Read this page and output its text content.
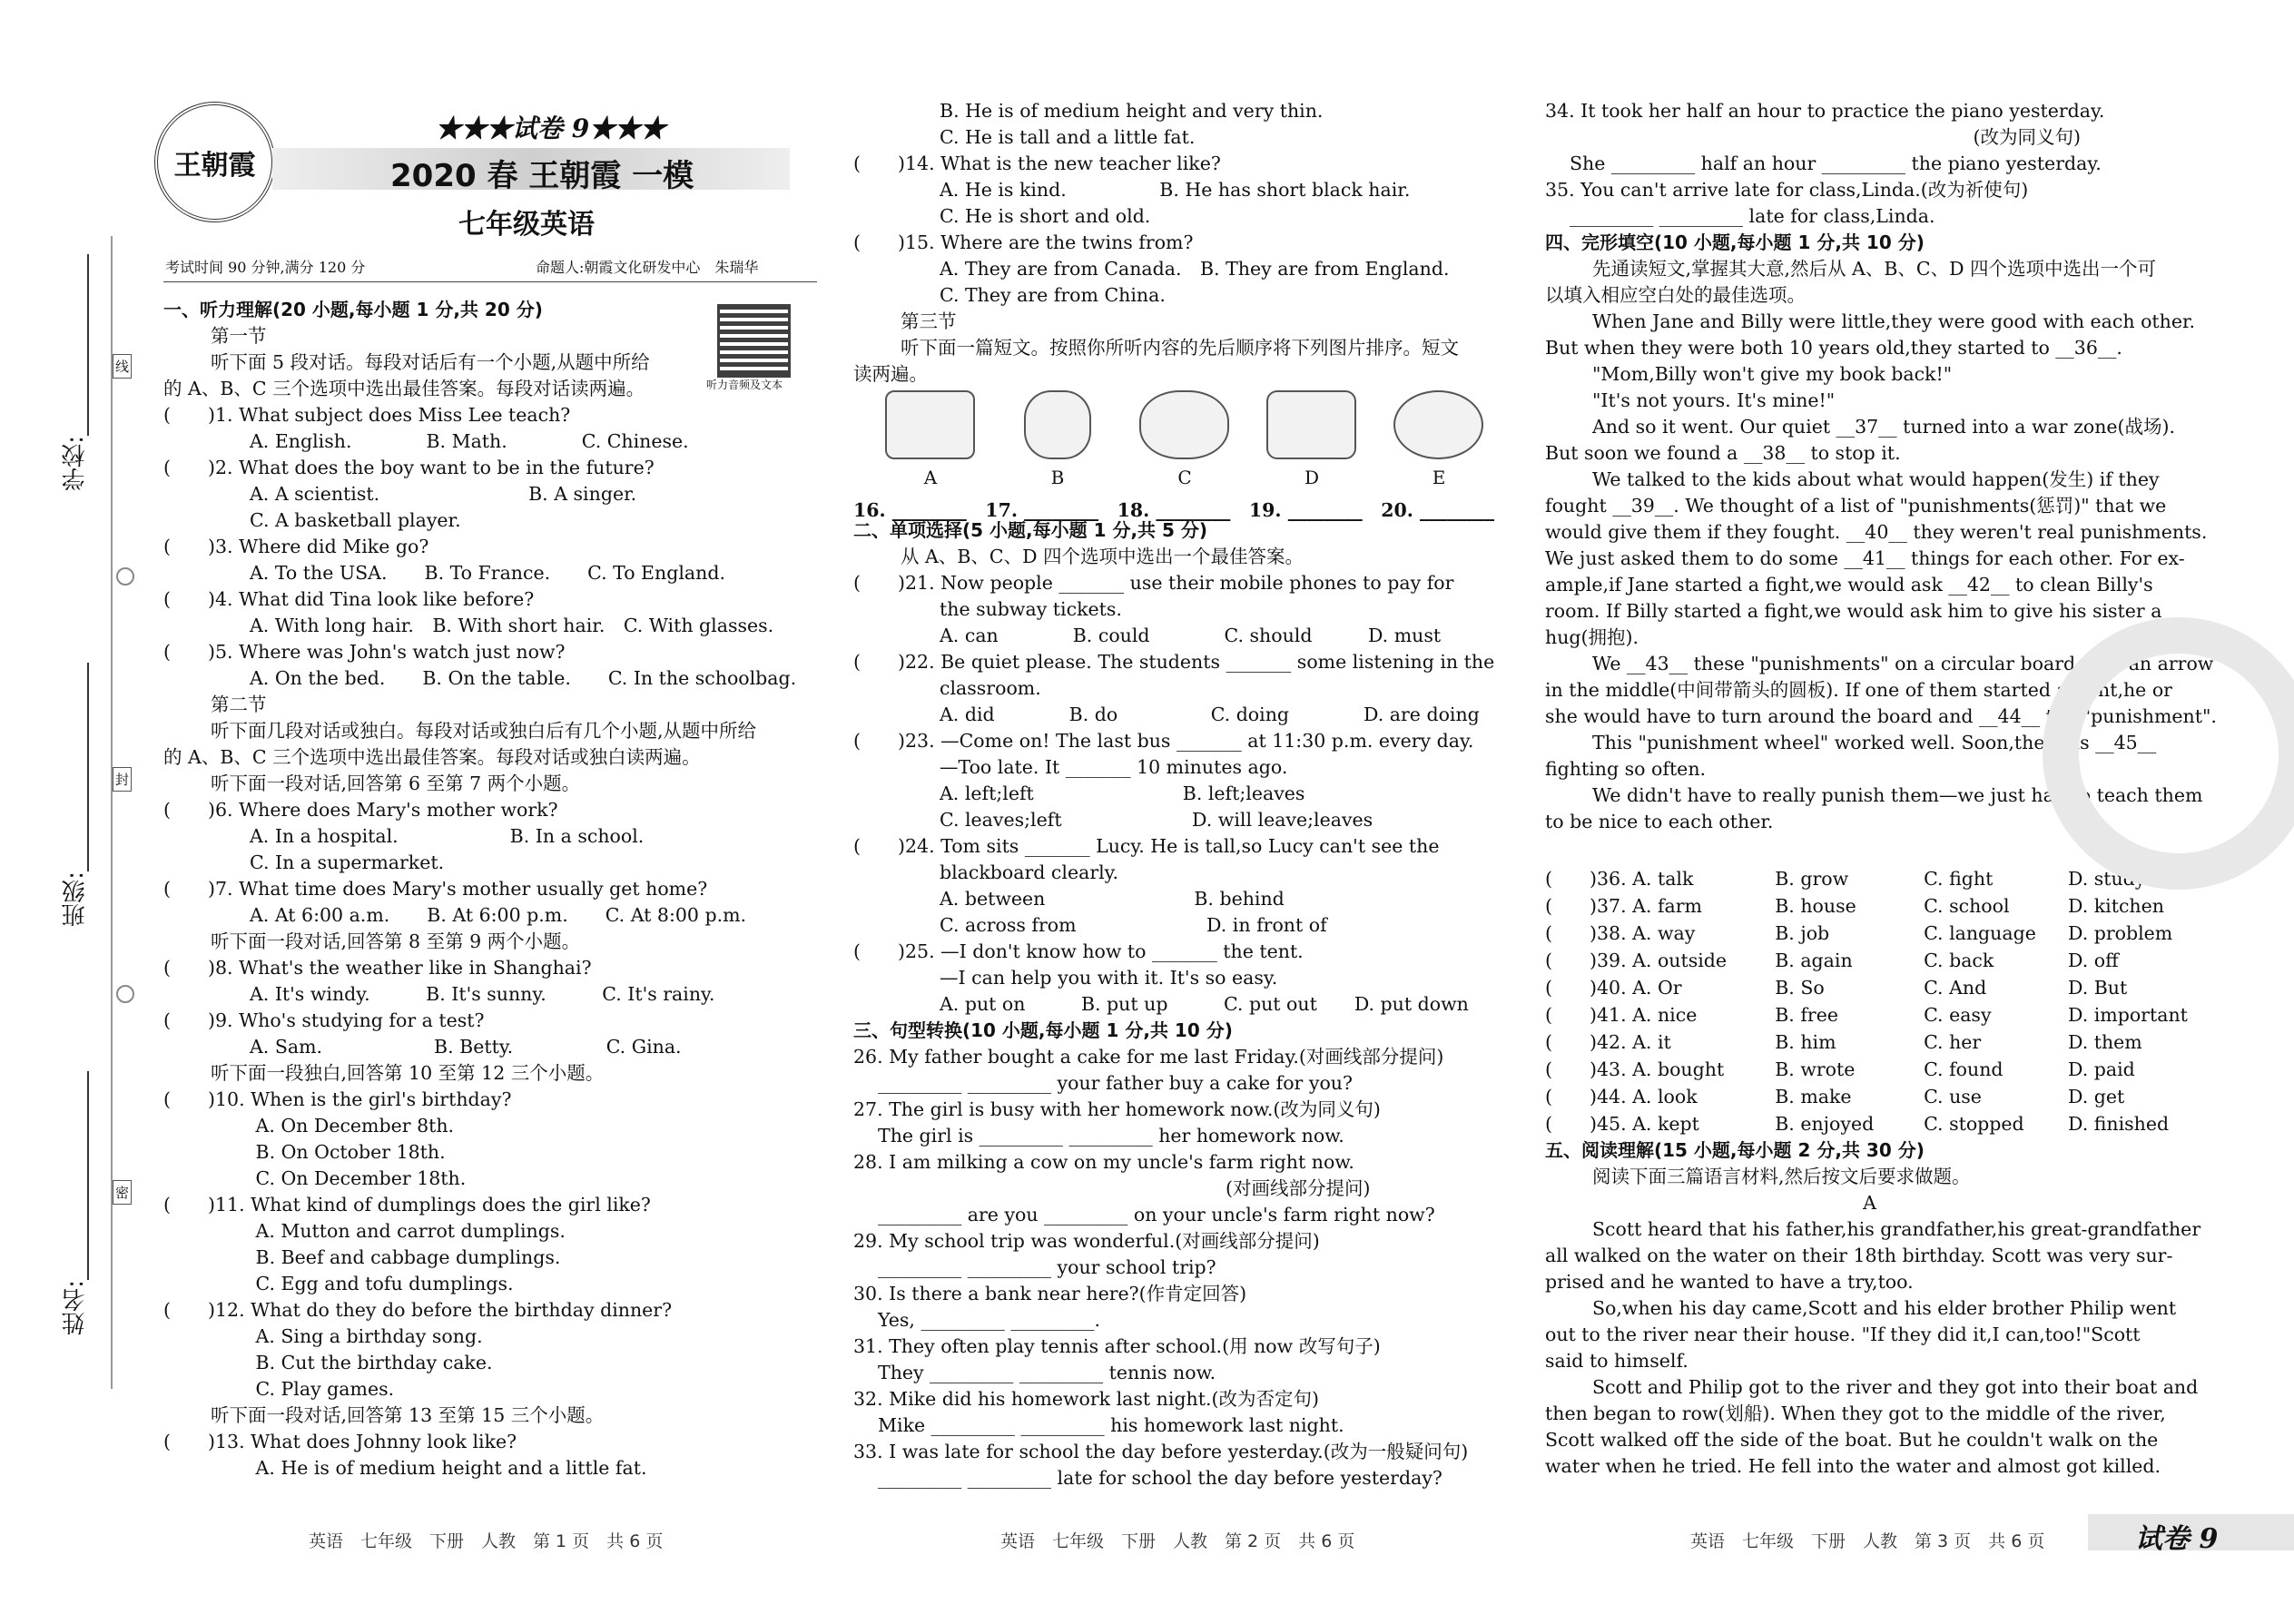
学校:
班级:
姓名:
线
封
密
王朝霞
★★★试卷 9★★★
2020 春 王朝霞 一模
七年级英语
考试时间 90 分钟,满分 120 分	命题人:朝霞文化研发中心　朱瑞华
听力音频及文本
一、听力理解(20 小题,每小题 1 分,共 20 分)
第一节
听下面 5 段对话。每段对话后有一个小题,从题中所给
的 A、B、C 三个选项中选出最佳答案。每段对话读两遍。
(　　)1. What subject does Miss Lee teach?
A. English.　　　　B. Math.　　　　C. Chinese.
(　　)2. What does the boy want to be in the future?
A. A scientist.　　　　　　　　B. A singer.
C. A basketball player.
(　　)3. Where did Mike go?
A. To the USA.　　B. To France.　　C. To England.
(　　)4. What did Tina look like before?
A. With long hair.　B. With short hair.　C. With glasses.
(　　)5. Where was John's watch just now?
A. On the bed.　　B. On the table.　　C. In the schoolbag.
第二节
听下面几段对话或独白。每段对话或独白后有几个小题,从题中所给
的 A、B、C 三个选项中选出最佳答案。每段对话或独白读两遍。
听下面一段对话,回答第 6 至第 7 两个小题。
(　　)6. Where does Mary's mother work?
A. In a hospital.　　　　　　B. In a school.
C. In a supermarket.
(　　)7. What time does Mary's mother usually get home?
A. At 6:00 a.m.　　B. At 6:00 p.m.　　C. At 8:00 p.m.
听下面一段对话,回答第 8 至第 9 两个小题。
(　　)8. What's the weather like in Shanghai?
A. It's windy.　　　B. It's sunny.　　　C. It's rainy.
(　　)9. Who's studying for a test?
A. Sam.　　　　　　B. Betty.　　　　　C. Gina.
听下面一段独白,回答第 10 至第 12 三个小题。
(　　)10. When is the girl's birthday?
A. On December 8th.
B. On October 18th.
C. On December 18th.
(　　)11. What kind of dumplings does the girl like?
A. Mutton and carrot dumplings.
B. Beef and cabbage dumplings.
C. Egg and tofu dumplings.
(　　)12. What do they do before the birthday dinner?
A. Sing a birthday song.
B. Cut the birthday cake.
C. Play games.
听下面一段对话,回答第 13 至第 15 三个小题。
(　　)13. What does Johnny look like?
A. He is of medium height and a little fat.
B. He is of medium height and very thin.
C. He is tall and a little fat.
(　　)14. What is the new teacher like?
A. He is kind.　　　　　B. He has short black hair.
C. He is short and old.
(　　)15. Where are the twins from?
A. They are from Canada.　B. They are from England.
C. They are from China.
第三节
听下面一篇短文。按照你所听内容的先后顺序将下列图片排序。短文
读两遍。
A	B	C	D	E
16. ________　17. ________　18. ________　19. ________　20. ________
二、单项选择(5 小题,每小题 1 分,共 5 分)
从 A、B、C、D 四个选项中选出一个最佳答案。
(　　)21. Now people _______ use their mobile phones to pay for
the subway tickets.
A. can　　　　B. could　　　　C. should　　　D. must
(　　)22. Be quiet please. The students _______ some listening in the
classroom.
A. did　　　　B. do　　　　　C. doing　　　　D. are doing
(　　)23. —Come on! The last bus _______ at 11:30 p.m. every day.
—Too late. It _______ 10 minutes ago.
A. left;left　　　　　　　　B. left;leaves
C. leaves;left　　　　　　　D. will leave;leaves
(　　)24. Tom sits _______ Lucy. He is tall,so Lucy can't see the
blackboard clearly.
A. between　　　　　　　　B. behind
C. across from　　　　　　　D. in front of
(　　)25. —I don't know how to _______ the tent.
—I can help you with it. It's so easy.
A. put on　　　B. put up　　　C. put out　　D. put down
三、句型转换(10 小题,每小题 1 分,共 10 分)
26. My father bought a cake for me last Friday.(对画线部分提问)
　 _________ _________ your father buy a cake for you?
27. The girl is busy with her homework now.(改为同义句)
　 The girl is _________ _________ her homework now.
28. I am milking a cow on my uncle's farm right now.
　　　　　　　　　　　　　　　　　　　　(对画线部分提问)
　 _________ are you _________ on your uncle's farm right now?
29. My school trip was wonderful.(对画线部分提问)
　 _________ _________ your school trip?
30. Is there a bank near here?(作肯定回答)
　 Yes, _________ _________.
31. They often play tennis after school.(用 now 改写句子)
　 They _________ _________ tennis now.
32. Mike did his homework last night.(改为否定句)
　 Mike _________ _________ his homework last night.
33. I was late for school the day before yesterday.(改为一般疑问句)
　 _________ _________ late for school the day before yesterday?
34. It took her half an hour to practice the piano yesterday.
　　　　　　　　　　　　　　　　　　　　　　　(改为同义句)
　 She _________ half an hour _________ the piano yesterday.
35. You can't arrive late for class,Linda.(改为祈使句)
　 _________ _________ late for class,Linda.
四、完形填空(10 小题,每小题 1 分,共 10 分)
先通读短文,掌握其大意,然后从 A、B、C、D 四个选项中选出一个可
以填入相应空白处的最佳选项。
When Jane and Billy were little,they were good with each other.
But when they were both 10 years old,they started to __36__.
"Mom,Billy won't give my book back!"
"It's not yours. It's mine!"
And so it went. Our quiet __37__ turned into a war zone(战场).
But soon we found a __38__ to stop it.
We talked to the kids about what would happen(发生) if they
fought __39__. We thought of a list of "punishments(惩罚)" that we
would give them if they fought. __40__ they weren't real punishments.
We just asked them to do some __41__ things for each other. For ex-
ample,if Jane started a fight,we would ask __42__ to clean Billy's
room. If Billy started a fight,we would ask him to give his sister a
hug(拥抱).
We __43__ these "punishments" on a circular board with an arrow
in the middle(中间带箭头的圆板). If one of them started a fight,he or
she would have to turn around the board and __44__ the "punishment".
This "punishment wheel" worked well. Soon,the kids __45__
fighting so often.
We didn't have to really punish them—we just had to teach them
to be nice to each other.
(　　)36. A. talk	B. grow	C. fight	D. study
(　　)37. A. farm	B. house	C. school	D. kitchen
(　　)38. A. way	B. job	C. language	D. problem
(　　)39. A. outside	B. again	C. back	D. off
(　　)40. A. Or	B. So	C. And	D. But
(　　)41. A. nice	B. free	C. easy	D. important
(　　)42. A. it	B. him	C. her	D. them
(　　)43. A. bought	B. wrote	C. found	D. paid
(　　)44. A. look	B. make	C. use	D. get
(　　)45. A. kept	B. enjoyed	C. stopped	D. finished
五、阅读理解(15 小题,每小题 2 分,共 30 分)
阅读下面三篇语言材料,然后按文后要求做题。
A
Scott heard that his father,his grandfather,his great-grandfather
all walked on the water on their 18th birthday. Scott was very sur-
prised and he wanted to have a try,too.
So,when his day came,Scott and his elder brother Philip went
out to the river near their house. "If they did it,I can,too!"Scott
said to himself.
Scott and Philip got to the river and they got into their boat and
then began to row(划船). When they got to the middle of the river,
Scott walked off the side of the boat. But he couldn't walk on the
water when he tried. He fell into the water and almost got killed.
英语　七年级　下册　人教　第 1 页　共 6 页	英语　七年级　下册　人教　第 2 页　共 6 页	英语　七年级　下册　人教　第 3 页　共 6 页	试卷 9
